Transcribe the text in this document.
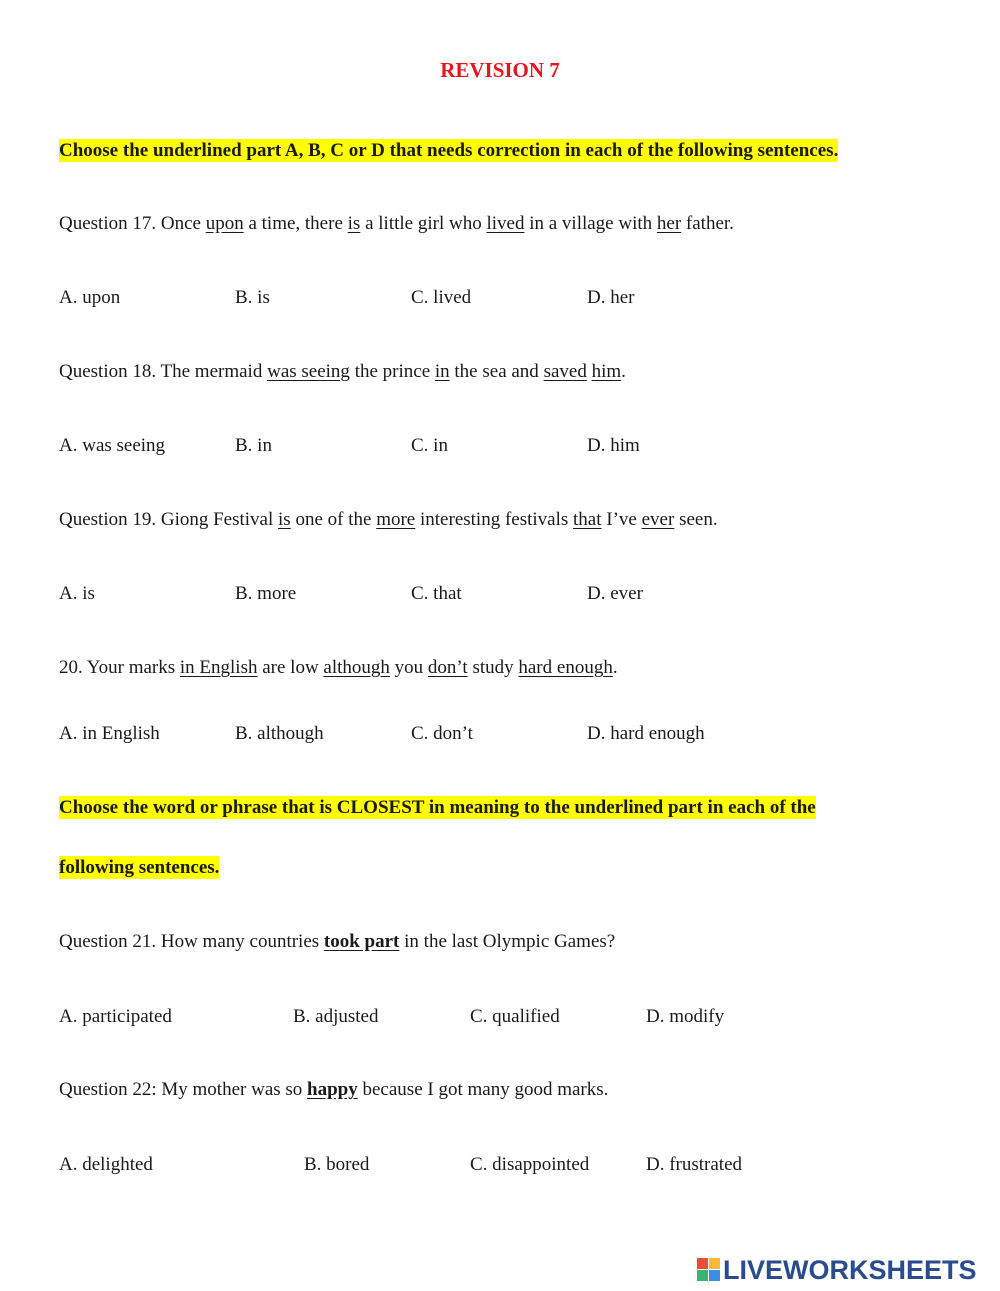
REVISION 7
Choose the underlined part A, B, C or D that needs correction in each of the following sentences.
Question 17. Once upon a time, there is a little girl who lived in a village with her father.
A. upon	B. is	C. lived	D. her
Question 18. The mermaid was seeing the prince in the sea and saved him.
A. was seeing	B. in	C. in	D. him
Question 19. Giong Festival is one of the more interesting festivals that I’ve ever seen.
A. is	B. more	C. that	D. ever
20. Your marks in English are low although you don’t study hard enough.
A. in English	B. although	C. don’t	D. hard enough
Choose the word or phrase that is CLOSEST in meaning to the underlined part in each of the
following sentences.
Question 21. How many countries took part in the last Olympic Games?
A. participated	B. adjusted	C. qualified	D. modify
Question 22: My mother was so happy because I got many good marks.
A. delighted	B. bored	C. disappointed	D. frustrated
LIVEWORKSHEETS
